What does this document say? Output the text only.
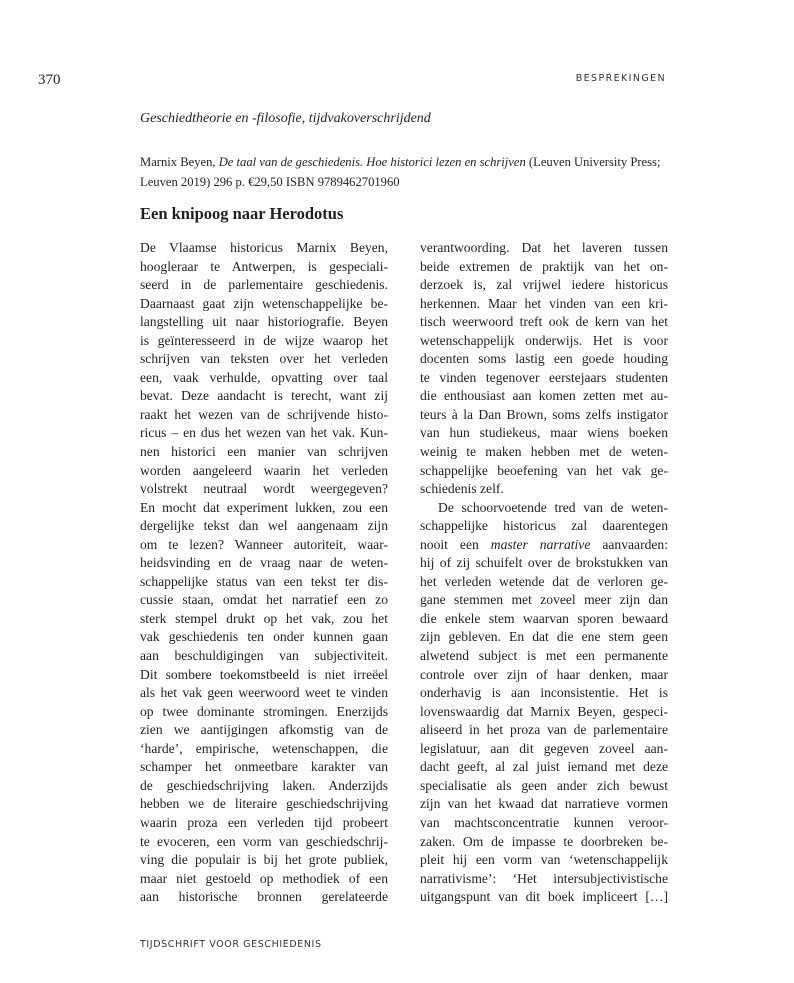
370	BESPREKINGEN
Geschiedtheorie en -filosofie, tijdvakoverschrijdend
Marnix Beyen, De taal van de geschiedenis. Hoe historici lezen en schrijven (Leuven University Press;
Leuven 2019) 296 p. €29,50 ISBN 9789462701960
Een knipoog naar Herodotus
De Vlaamse historicus Marnix Beyen,
hoogleraar te Antwerpen, is gespeciali-
seerd in de parlementaire geschiedenis.
Daarnaast gaat zijn wetenschappelijke be-
langstelling uit naar historiografie. Beyen
is geïnteresseerd in de wijze waarop het
schrijven van teksten over het verleden
een, vaak verhulde, opvatting over taal
bevat. Deze aandacht is terecht, want zij
raakt het wezen van de schrijvende histo-
ricus – en dus het wezen van het vak. Kun-
nen historici een manier van schrijven
worden aangeleerd waarin het verleden
volstrekt neutraal wordt weergegeven?
En mocht dat experiment lukken, zou een
dergelijke tekst dan wel aangenaam zijn
om te lezen? Wanneer autoriteit, waar-
heidsvinding en de vraag naar de weten-
schappelijke status van een tekst ter dis-
cussie staan, omdat het narratief een zo
sterk stempel drukt op het vak, zou het
vak geschiedenis ten onder kunnen gaan
aan beschuldigingen van subjectiviteit.
Dit sombere toekomstbeeld is niet irreëel
als het vak geen weerwoord weet te vinden
op twee dominante stromingen. Enerzijds
zien we aantijgingen afkomstig van de
‘harde’, empirische, wetenschappen, die
schamper het onmeetbare karakter van
de geschiedschrijving laken. Anderzijds
hebben we de literaire geschiedschrijving
waarin proza een verleden tijd probeert
te evoceren, een vorm van geschiedschrij-
ving die populair is bij het grote publiek,
maar niet gestoeld op methodiek of een
aan historische bronnen gerelateerde
verantwoording. Dat het laveren tussen
beide extremen de praktijk van het on-
derzoek is, zal vrijwel iedere historicus
herkennen. Maar het vinden van een kri-
tisch weerwoord treft ook de kern van het
wetenschappelijk onderwijs. Het is voor
docenten soms lastig een goede houding
te vinden tegenover eerstejaars studenten
die enthousiast aan komen zetten met au-
teurs à la Dan Brown, soms zelfs instigator
van hun studiekeus, maar wiens boeken
weinig te maken hebben met de weten-
schappelijke beoefening van het vak ge-
schiedenis zelf.
De schoorvoetende tred van de weten-
schappelijke historicus zal daarentegen
nooit een master narrative aanvaarden:
hij of zij schuifelt over de brokstukken van
het verleden wetende dat de verloren ge-
gane stemmen met zoveel meer zijn dan
die enkele stem waarvan sporen bewaard
zijn gebleven. En dat die ene stem geen
alwetend subject is met een permanente
controle over zijn of haar denken, maar
onderhavig is aan inconsistentie. Het is
lovenswaardig dat Marnix Beyen, gespeci-
aliseerd in het proza van de parlementaire
legislatuur, aan dit gegeven zoveel aan-
dacht geeft, al zal juist iemand met deze
specialisatie als geen ander zich bewust
zijn van het kwaad dat narratieve vormen
van machtsconcentratie kunnen veroor-
zaken. Om de impasse te doorbreken be-
pleit hij een vorm van ‘wetenschappelijk
narrativisme’: ‘Het intersubjectivistische
uitgangspunt van dit boek impliceert […]
TIJDSCHRIFT VOOR GESCHIEDENIS
